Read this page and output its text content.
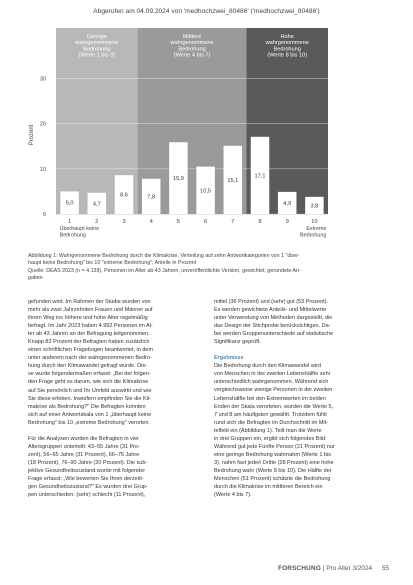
Abgerufen am 04.09.2024 von 'medhochzwei_80486' ('medhochzwei_80486')
Geringe
wahrgenommene
Bedrohung
(Werte 1 bis 3)
Mittlere
wahrgenommene
Bedrohung
(Werte 4 bis 7)
Hohe
wahrgenommene
Bedrohung
(Werte 8 bis 10)
0
10
20
30
Prozent
5,0
1
4,7
2
8,6
3
7,8
4
15,9
5
10,5
6
15,1
7
17,1
8
4,9
9
3,8
10
Überhaupt keine
Bedrohung
Extreme
Bedrohung
Abbildung 1: Wahrgenommene Bedrohung durch die Klimakrise, Verteilung auf zehn Antwortkategorien von 1 "über-
haupt keine Bedrohung" bis 10 "extreme Bedrohung", Anteile in Prozent
Quelle: DEAS 2023 (n = 4.139), Personen im Alter ab 43 Jahren, unveröffentlichte Version, gewichtet, gerundete An-
gaben
gefunden wird. Im Rahmen der Studie wurden von
mehr als zwei Jahrzehnten Frauen und Männer auf
ihrem Weg ins höhere und hohe Alter regelmäßig
befragt. Im Jahr 2023 haben 4.992 Personen im Al-
ter ab 43 Jahren an der Befragung teilgenommen.
Knapp 83 Prozent der Befragten haben zusätzlich
einen schriftlichen Fragebogen beantwortet, in dem
unter anderem nach der wahrgenommenen Bedro-
hung durch den Klimawandel gefragt wurde. Die-
se wurde folgendermaßen erfasst: „Bei der folgen-
den Frage geht es darum, wie sich die Klimakrise
auf Sie persönlich und Ihr Umfeld auswirkt und wie
Sie diese erleben. Inwiefern empfinden Sie die Kli-
makrise als Bedrohung?" Die Befragten konnten
sich auf einer Antwortskala von 1 „überhaupt keine
Bedrohung" bis 10 „extreme Bedrohung" verorten.
Für die Analysen wurden die Befragten in vier
Altersgruppen unterteilt: 43–55 Jahre (31 Pro-
zent), 56–65 Jahre (31 Prozent), 66–75 Jahre
(18 Prozent), 76–90 Jahre (20 Prozent). Die sub-
jektive Gesundheitszustand wurde mit folgender
Frage erfasst: „Wie bewerten Sie Ihren derzeiti-
gen Gesundheitszustand?" Es wurden drei Grup-
pen unterschieden: (sehr) schlecht (11 Prozent),
mittel (36 Prozent) und (sehr) gut (53 Prozent).
Es werden gewichtete Anteils- und Mittelwerte
unter Verwendung von Methoden dargestellt, die
das Design der Stichprobe berücksichtigen. Da-
bei werden Gruppenunterschiede auf statistische
Signifikanz geprüft.
Ergebnisse
Die Bedrohung durch den Klimawandel wird
von Menschen in der zweiten Lebenshälfte sehr
unterschiedlich wahrgenommen. Während sich
vergleichsweise wenige Personen in der zweiten
Lebenshälfte bei den Extremwerten im beiden
Enden der Skala verorteten, wurden die Werte 5,
7 und 8 am häufigsten gewählt. Trotzdem fühlt
rund sich die Befragten im Durchschnitt im Mit-
telfeld ein (Abbildung 1). Teilt man die Werte
in drei Gruppen ein, ergibt sich folgendes Bild:
Während gut jede Fünfte Person (21 Prozent) nur
eine geringe Bedrohung wahrnahm (Werte 1 bis
3), nahm fast jede/r Dritte (28 Prozent) eine hohe
Bedrohung wahr (Werte 8 bis 10). Die Hälfte der
Menschen (51 Prozent) schätzte die Bedrohung
durch die Klimakrise im mittleren Bereich ein
(Werte 4 bis 7).
FORSCHUNG | Pro Alter 3/2024 55
